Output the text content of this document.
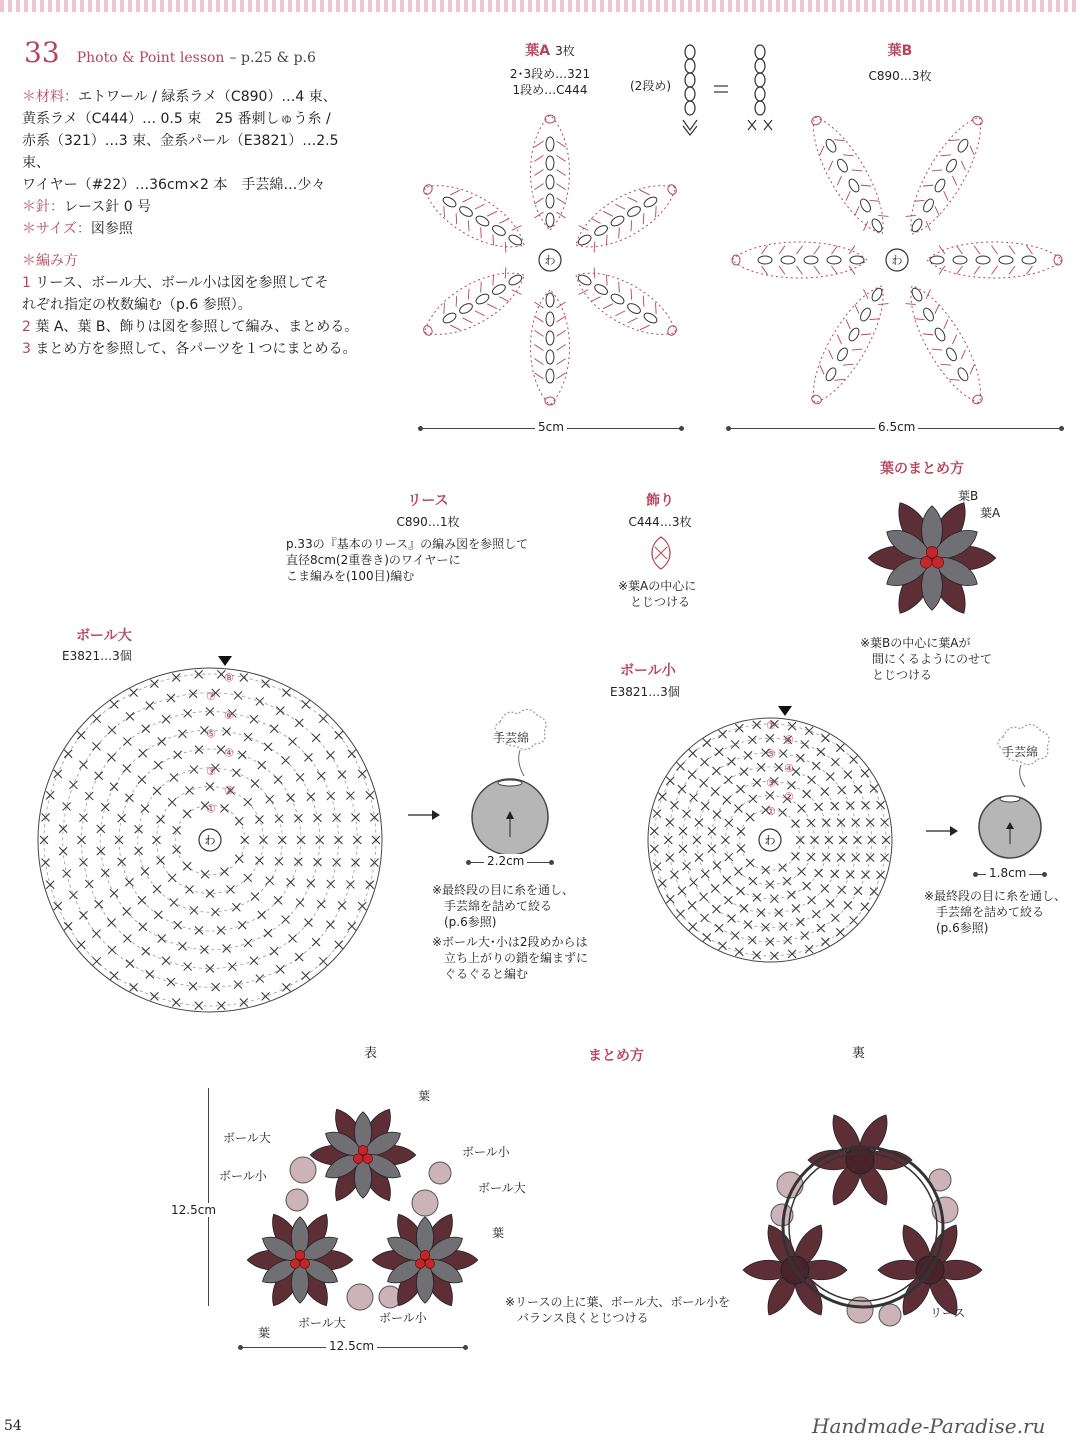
33 Photo & Point lesson – p.25 & p.6
＊材料：エトワール / 緑系ラメ（C890）…4 束、
黄系ラメ（C444）… 0.5 束　25 番刺しゅう糸 /
赤系（321）…3 束、金系パール（E3821）…2.5 束、
ワイヤー（#22）…36cm×2 本　手芸綿…少々
＊針：レース針 0 号
＊サイズ：図参照
＊編み方
1 リース、ボール大、ボール小は図を参照してそ
れぞれ指定の枚数編む（p.6 参照）。
2 葉 A、葉 B、飾りは図を参照して編み、まとめる。
3 まとめ方を参照して、各パーツを１つにまとめる。
葉A 3枚
2･3段め…321
1段め…C444	(2段め)
わ
5cm
葉B
C890…3枚
わ
6.5cm
リース
C890…1枚
p.33の『基本のリース』の編み図を参照して
直径8cm(2重巻き)のワイヤーに
こま編みを(100目)編む
飾り
C444…3枚
※葉Aの中心に
とじつける
葉のまとめ方
葉B
葉A
※葉Bの中心に葉Aが
間にくるようにのせて
とじつける
ボール大
E3821…3個
①
②
③
④
⑤
⑥
⑦
⑧
わ
手芸綿
2.2cm
※最終段の目に糸を通し、
手芸綿を詰めて絞る
(p.6参照)
※ボール大･小は2段めからは
立ち上がりの鎖を編まずに
ぐるぐると編む
ボール小
E3821…3個
①
②
③
④
⑤
⑥
⑦
わ
手芸綿
1.8cm
※最終段の目に糸を通し、
手芸綿を詰めて絞る
(p.6参照)
まとめ方
表	裏
12.5cm
12.5cm
葉
ボール大
ボール小
ボール小
ボール大
葉
葉
ボール大	ボール小	リース
※リースの上に葉、ボール大、ボール小を
バランス良くとじつける
54	Handmade-Paradise.ru
